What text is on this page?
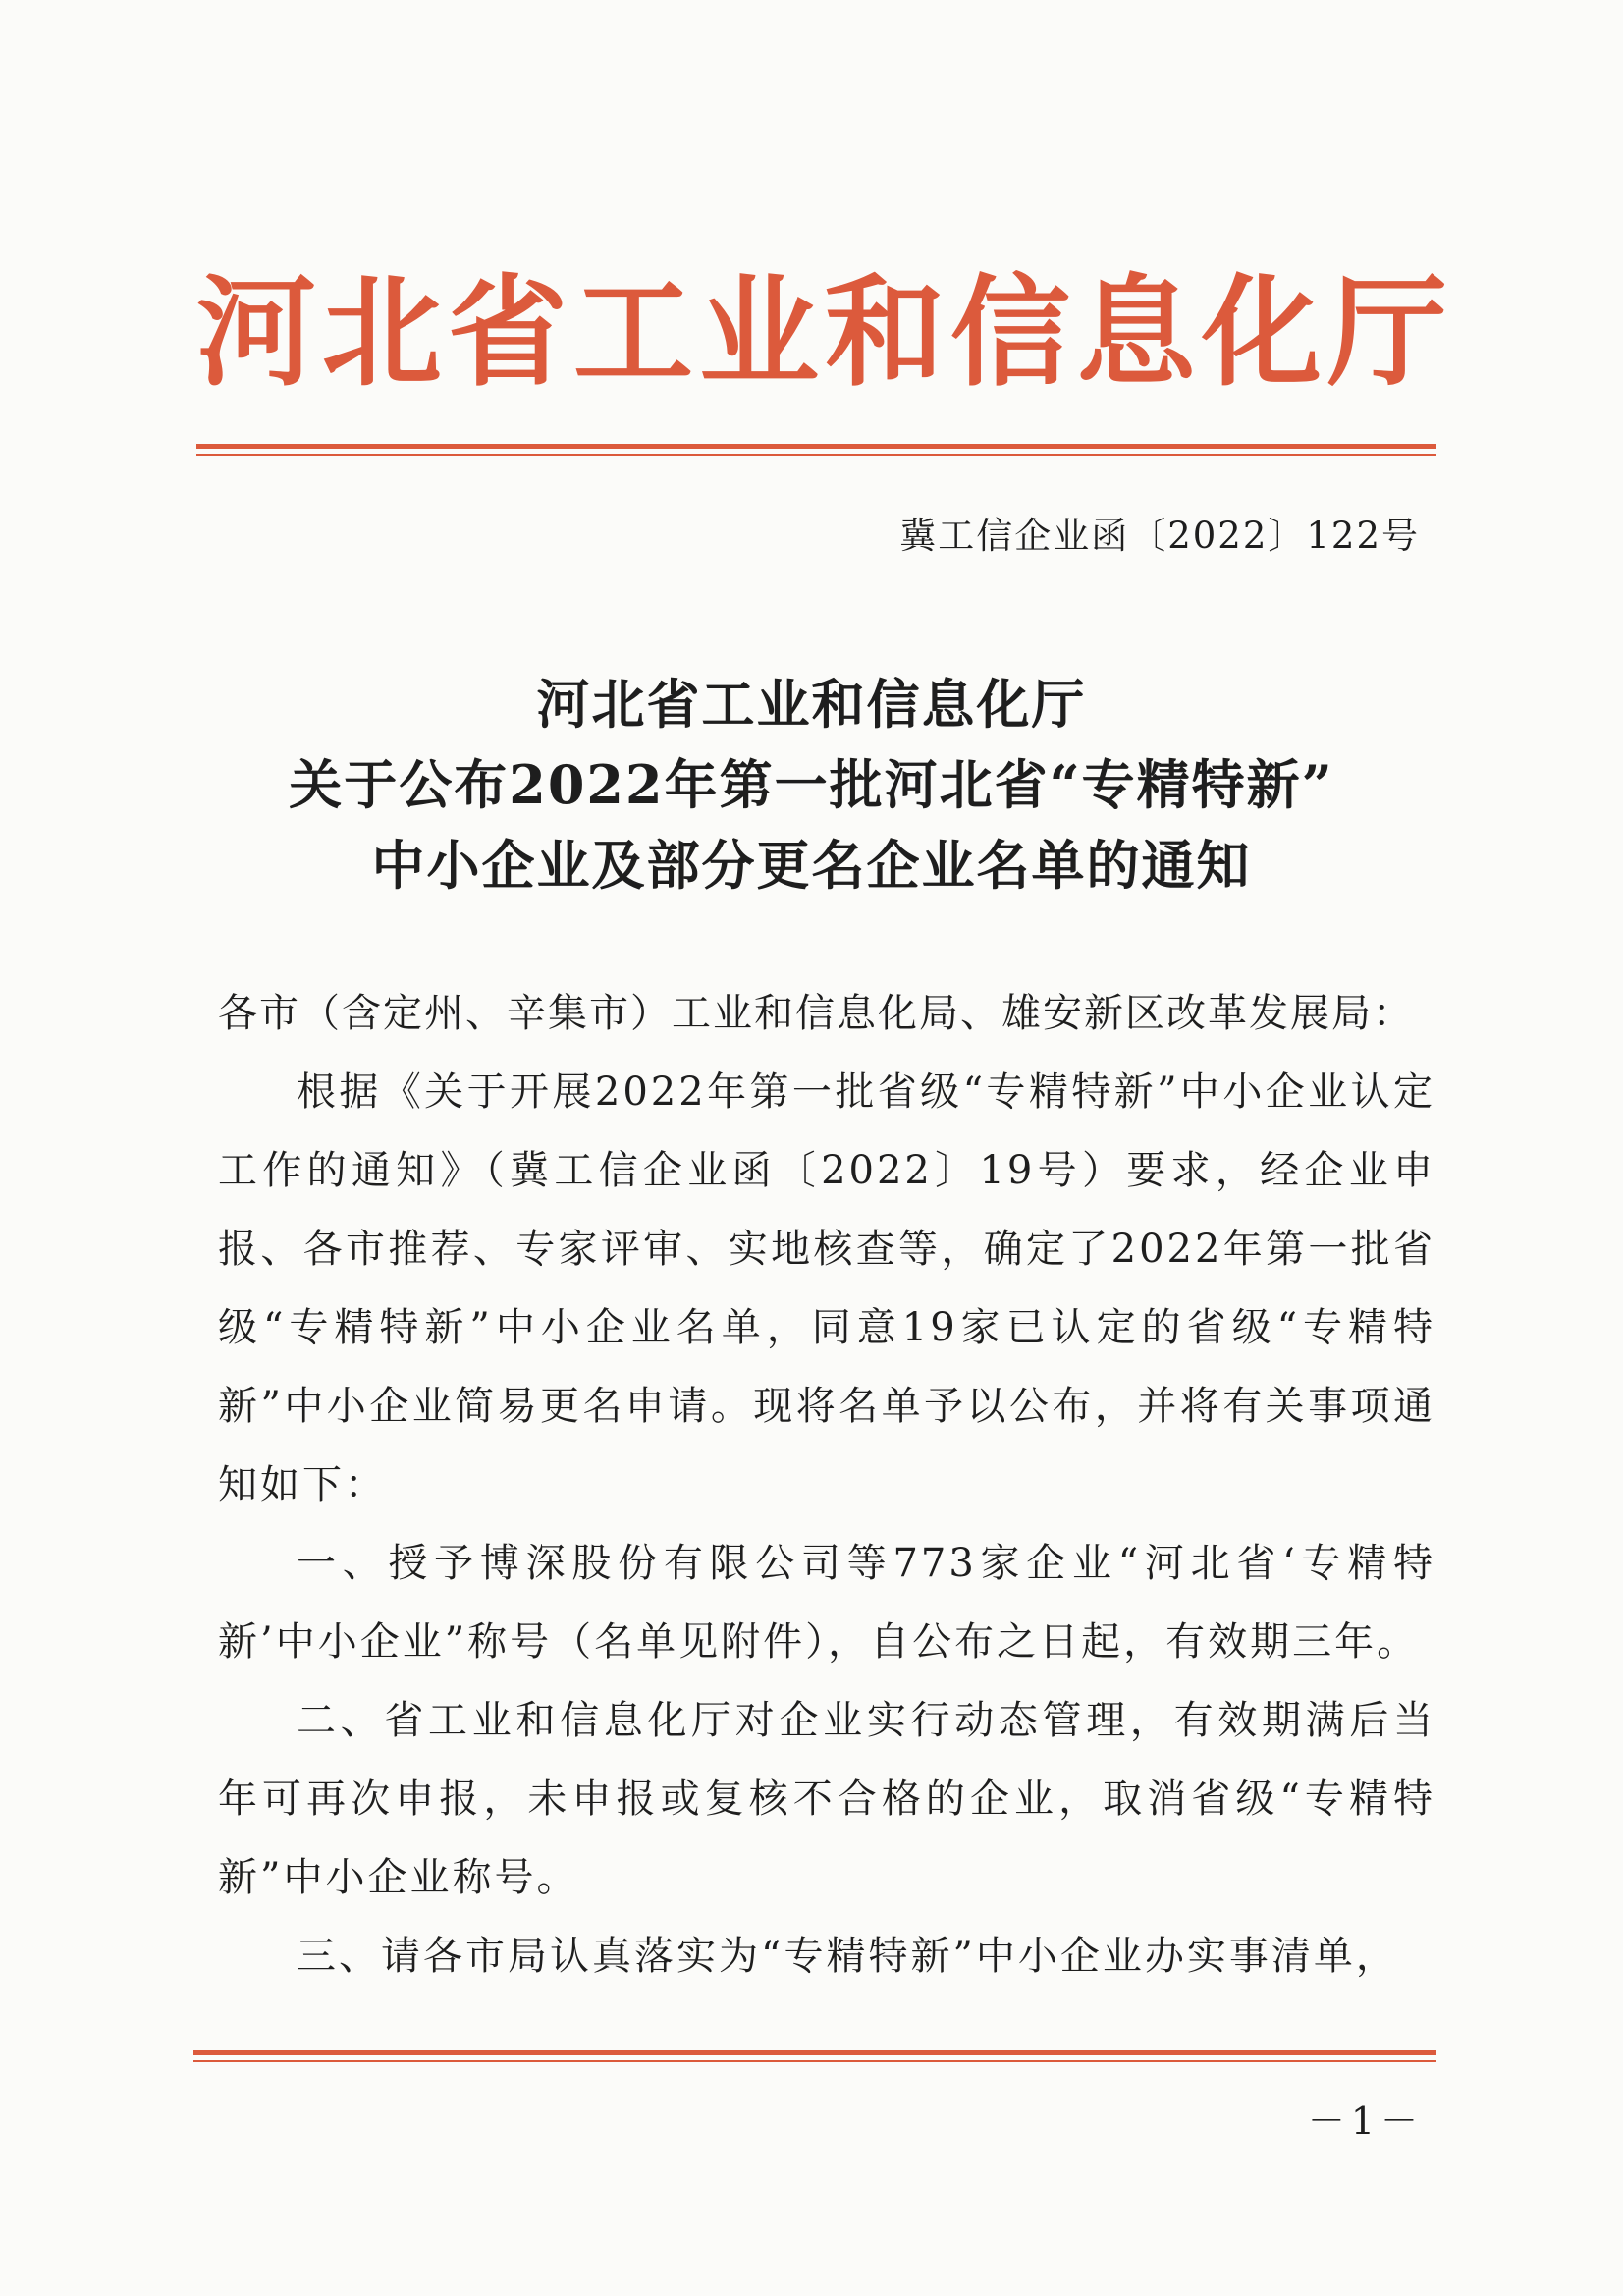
河北省工业和信息化厅
冀工信企业函〔2022〕122号
河北省工业和信息化厅
关于公布2022年第一批河北省“专精特新”
中小企业及部分更名企业名单的通知
各市（含定州、辛集市）工业和信息化局、雄安新区改革发展局：
根据《关于开展2022年第一批省级“专精特新”中小企业认定工作的通知》（冀工信企业函〔2022〕19号）要求，经企业申报、各市推荐、专家评审、实地核查等，确定了2022年第一批省级“专精特新”中小企业名单，同意19家已认定的省级“专精特新”中小企业简易更名申请。现将名单予以公布，并将有关事项通知如下：
一、授予博深股份有限公司等773家企业“河北省‘专精特新’中小企业”称号（名单见附件），自公布之日起，有效期三年。
二、省工业和信息化厅对企业实行动态管理，有效期满后当年可再次申报，未申报或复核不合格的企业，取消省级“专精特新”中小企业称号。
三、请各市局认真落实为“专精特新”中小企业办实事清单，
－1－
